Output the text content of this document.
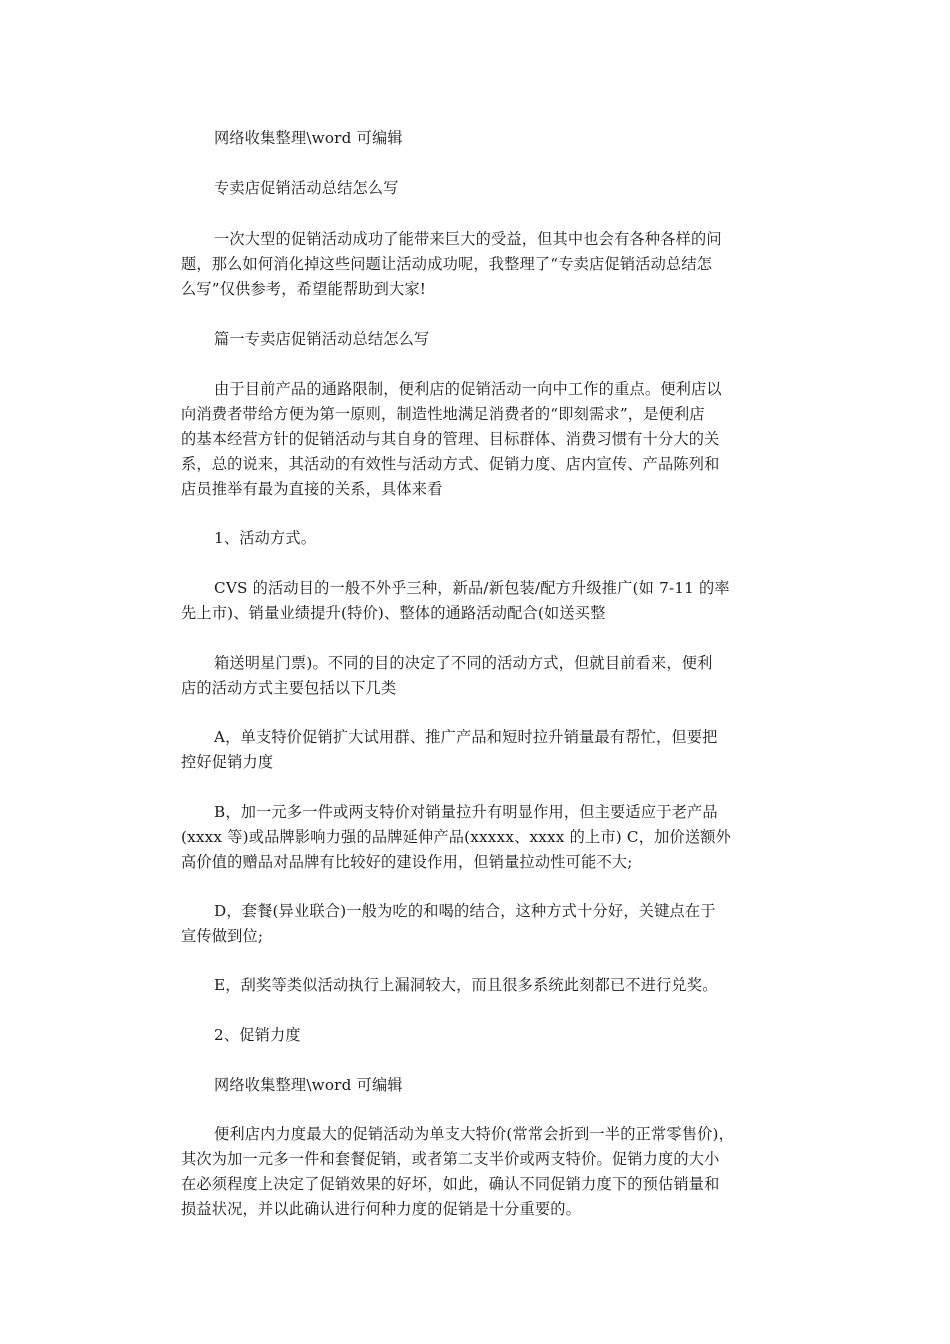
网络收集整理\word 可编辑
专卖店促销活动总结怎么写
一次大型的促销活动成功了能带来巨大的受益，但其中也会有各种各样的问
题，那么如何消化掉这些问题让活动成功呢，我整理了“专卖店促销活动总结怎
么写”仅供参考，希望能帮助到大家!
篇一专卖店促销活动总结怎么写
由于目前产品的通路限制，便利店的促销活动一向中工作的重点。便利店以
向消费者带给方便为第一原则，制造性地满足消费者的“即刻需求”，是便利店
的基本经营方针的促销活动与其自身的管理、目标群体、消费习惯有十分大的关
系，总的说来，其活动的有效性与活动方式、促销力度、店内宣传、产品陈列和
店员推举有最为直接的关系，具体来看
1、活动方式。
CVS 的活动目的一般不外乎三种，新品/新包装/配方升级推广(如 7-11 的率
先上市)、销量业绩提升(特价)、整体的通路活动配合(如送买整
箱送明星门票)。不同的目的决定了不同的活动方式，但就目前看来，便利
店的活动方式主要包括以下几类
A，单支特价促销扩大试用群、推广产品和短时拉升销量最有帮忙，但要把
控好促销力度
B，加一元多一件或两支特价对销量拉升有明显作用，但主要适应于老产品
(xxxx 等)或品牌影响力强的品牌延伸产品(xxxxx、xxxx 的上市) C，加价送额外
高价值的赠品对品牌有比较好的建设作用，但销量拉动性可能不大;
D，套餐(异业联合)一般为吃的和喝的结合，这种方式十分好，关键点在于
宣传做到位;
E，刮奖等类似活动执行上漏洞较大，而且很多系统此刻都已不进行兑奖。
2、促销力度
网络收集整理\word 可编辑
便利店内力度最大的促销活动为单支大特价(常常会折到一半的正常零售价)，
其次为加一元多一件和套餐促销，或者第二支半价或两支特价。促销力度的大小
在必须程度上决定了促销效果的好坏，如此，确认不同促销力度下的预估销量和
损益状况，并以此确认进行何种力度的促销是十分重要的。
